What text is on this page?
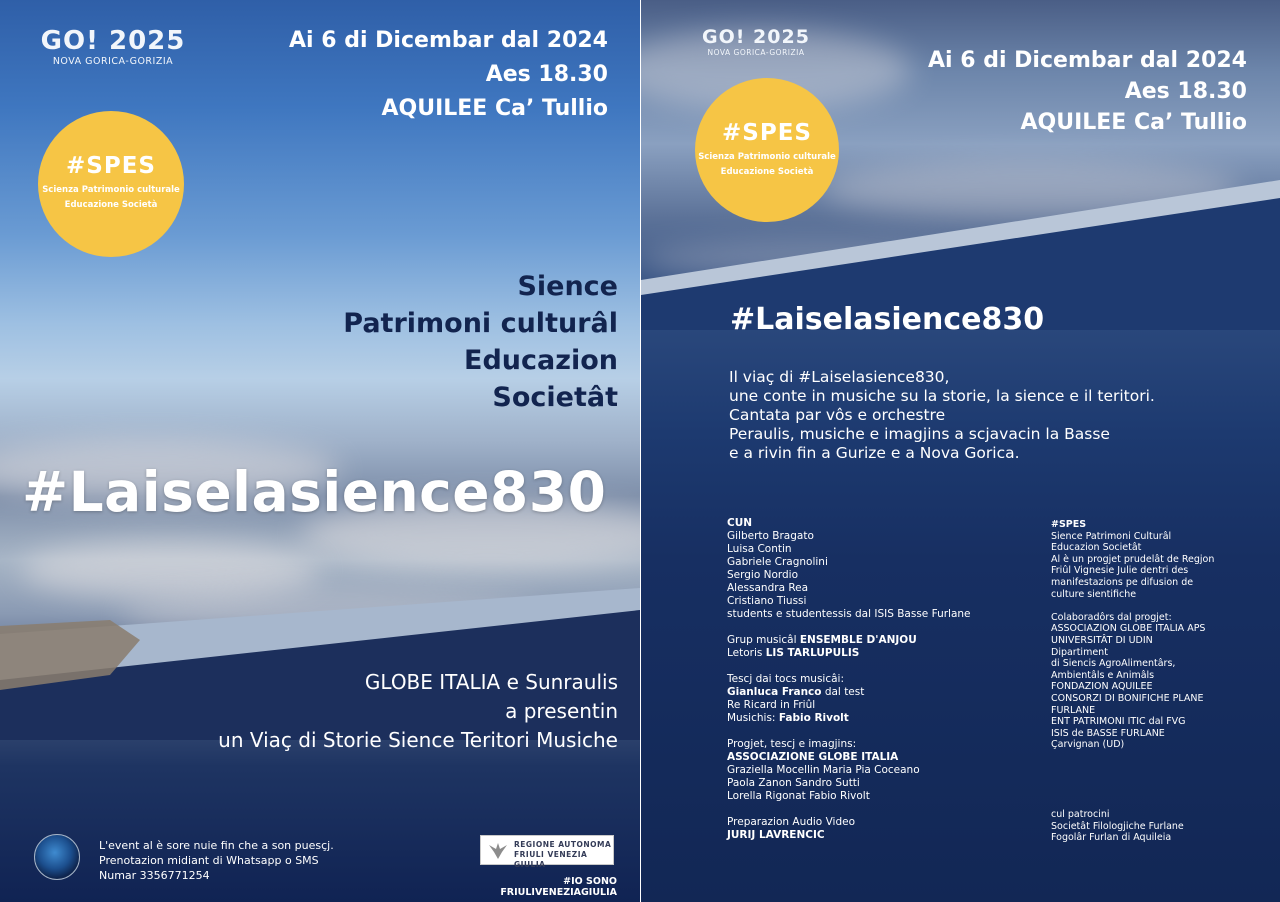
GO! 2025
NOVA GORICA-GORIZIA
Ai 6 di Dicembar dal 2024
Aes 18.30
AQUILEE Ca’ Tullio
#SPES
Scienza Patrimonio culturale
Educazione Società
Sience
Patrimoni culturâl
Educazion
Societât
#Laiselasience830
GLOBE ITALIA e Sunraulis
a presentin
un Viaç di Storie Sience Teritori Musiche
L'event al è sore nuie fin che a son puesçj.
Prenotazion midiant di Whatsapp o SMS
Numar 3356771254
REGIONE AUTONOMA
FRIULI VENEZIA GIULIA
#IO SONO FRIULIVENEZIAGIULIA
GO! 2025
NOVA GORICA-GORIZIA	Ai 6 di Dicembar dal 2024
Aes 18.30
AQUILEE Ca’ Tullio
#SPES
Scienza Patrimonio culturale
Educazione Società
#Laiselasience830
Il viaç di #Laiselasience830,
une conte in musiche su la storie, la sience e il teritori.
Cantata par vôs e orchestre
Peraulis, musiche e imagjins a scjavacin la Basse
e a rivin fin a Gurize e a Nova Gorica.
CUN
Gilberto Bragato
Luisa Contin
Gabriele Cragnolini
Sergio Nordio
Alessandra Rea
Cristiano Tiussi
students e studentessis dal ISIS Basse Furlane
Grup musicâl ENSEMBLE D'ANJOU
Letoris LIS TARLUPULIS
Tescj dai tocs musicâi:
Gianluca Franco dal test
Re Ricard in Friûl
Musichis: Fabio Rivolt
Progjet, tescj e imagjins:
ASSOCIAZIONE GLOBE ITALIA
Graziella Mocellin Maria Pia Coceano
Paola Zanon Sandro Sutti
Lorella Rigonat Fabio Rivolt
Preparazion Audio Video
JURIJ LAVRENCIC
#SPES
Sience Patrimoni Culturâl
Educazion Societât
Al è un progjet prudelât de Regjon
Friûl Vignesie Julie dentri des
manifestazions pe difusion de
culture sientifiche
Colaboradôrs dal progjet:
ASSOCIAZION GLOBE ITALIA APS
UNIVERSITÂT DI UDIN
Dipartiment
di Siencis AgroAlimentârs,
Ambientâls e Animâls
FONDAZION AQUILEE
CONSORZI DI BONIFICHE PLANE
FURLANE
ENT PATRIMONI ITIC dal FVG
ISIS de BASSE FURLANE
Çarvignan (UD)
cul patrocini
Societât Filologjiche Furlane
Fogolâr Furlan di Aquileia
